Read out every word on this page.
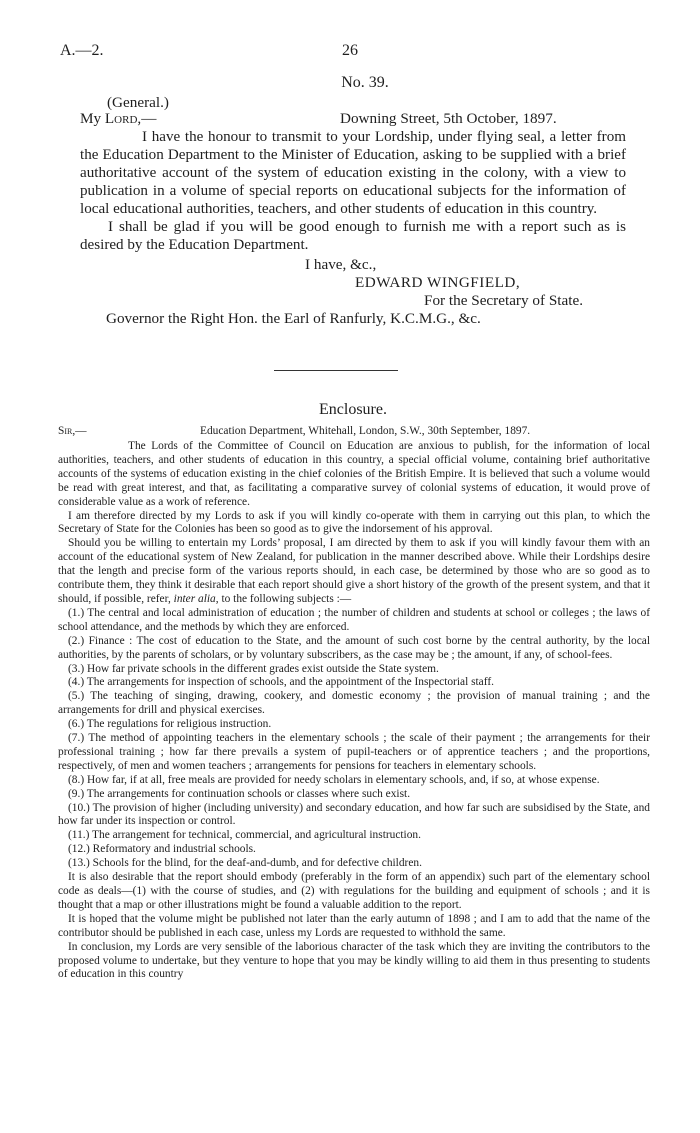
A.—2.	26
No. 39.
(General.)
My Lord,—	Downing Street, 5th October, 1897.

I have the honour to transmit to your Lordship, under flying seal, a letter from the Education Department to the Minister of Education, asking to be supplied with a brief authoritative account of the system of education existing in the colony, with a view to publication in a volume of special reports on educational subjects for the information of local educational authorities, teachers, and other students of education in this country.

I shall be glad if you will be good enough to furnish me with a report such as is desired by the Education Department.

I have, &c.,
EDWARD WINGFIELD,
For the Secretary of State.
Governor the Right Hon. the Earl of Ranfurly, K.C.M.G., &c.
Enclosure.
Sir,—	Education Department, Whitehall, London, S.W., 30th September, 1897.

The Lords of the Committee of Council on Education are anxious to publish, for the information of local authorities, teachers, and other students of education in this country, a special official volume, containing brief authoritative accounts of the systems of education existing in the chief colonies of the British Empire. It is believed that such a volume would be read with great interest, and that, as facilitating a comparative survey of colonial systems of education, it would prove of considerable value as a work of reference.

I am therefore directed by my Lords to ask if you will kindly co-operate with them in carrying out this plan, to which the Secretary of State for the Colonies has been so good as to give the indorsement of his approval.

Should you be willing to entertain my Lords’ proposal, I am directed by them to ask if you will kindly favour them with an account of the educational system of New Zealand, for publication in the manner described above. While their Lordships desire that the length and precise form of the various reports should, in each case, be determined by those who are so good as to contribute them, they think it desirable that each report should give a short history of the growth of the present system, and that it should, if possible, refer, inter alia, to the following subjects :—

(1.) The central and local administration of education ; the number of children and students at school or colleges ; the laws of school attendance, and the methods by which they are enforced.

(2.) Finance : The cost of education to the State, and the amount of such cost borne by the central authority, by the local authorities, by the parents of scholars, or by voluntary subscribers, as the case may be ; the amount, if any, of school-fees.

(3.) How far private schools in the different grades exist outside the State system.

(4.) The arrangements for inspection of schools, and the appointment of the Inspectorial staff.

(5.) The teaching of singing, drawing, cookery, and domestic economy ; the provision of manual training ; and the arrangements for drill and physical exercises.

(6.) The regulations for religious instruction.

(7.) The method of appointing teachers in the elementary schools ; the scale of their payment ; the arrangements for their professional training ; how far there prevails a system of pupil-teachers or of apprentice teachers ; and the proportions, respectively, of men and women teachers ; arrangements for pensions for teachers in elementary schools.

(8.) How far, if at all, free meals are provided for needy scholars in elementary schools, and, if so, at whose expense.

(9.) The arrangements for continuation schools or classes where such exist.

(10.) The provision of higher (including university) and secondary education, and how far such are subsidised by the State, and how far under its inspection or control.

(11.) The arrangement for technical, commercial, and agricultural instruction.

(12.) Reformatory and industrial schools.

(13.) Schools for the blind, for the deaf-and-dumb, and for defective children.

It is also desirable that the report should embody (preferably in the form of an appendix) such part of the elementary school code as deals—(1) with the course of studies, and (2) with regulations for the building and equipment of schools ; and it is thought that a map or other illustrations might be found a valuable addition to the report.

It is hoped that the volume might be published not later than the early autumn of 1898 ; and I am to add that the name of the contributor should be published in each case, unless my Lords are requested to withhold the same.

In conclusion, my Lords are very sensible of the laborious character of the task which they are inviting the contributors to the proposed volume to undertake, but they venture to hope that you may be kindly willing to aid them in thus presenting to students of education in this country
